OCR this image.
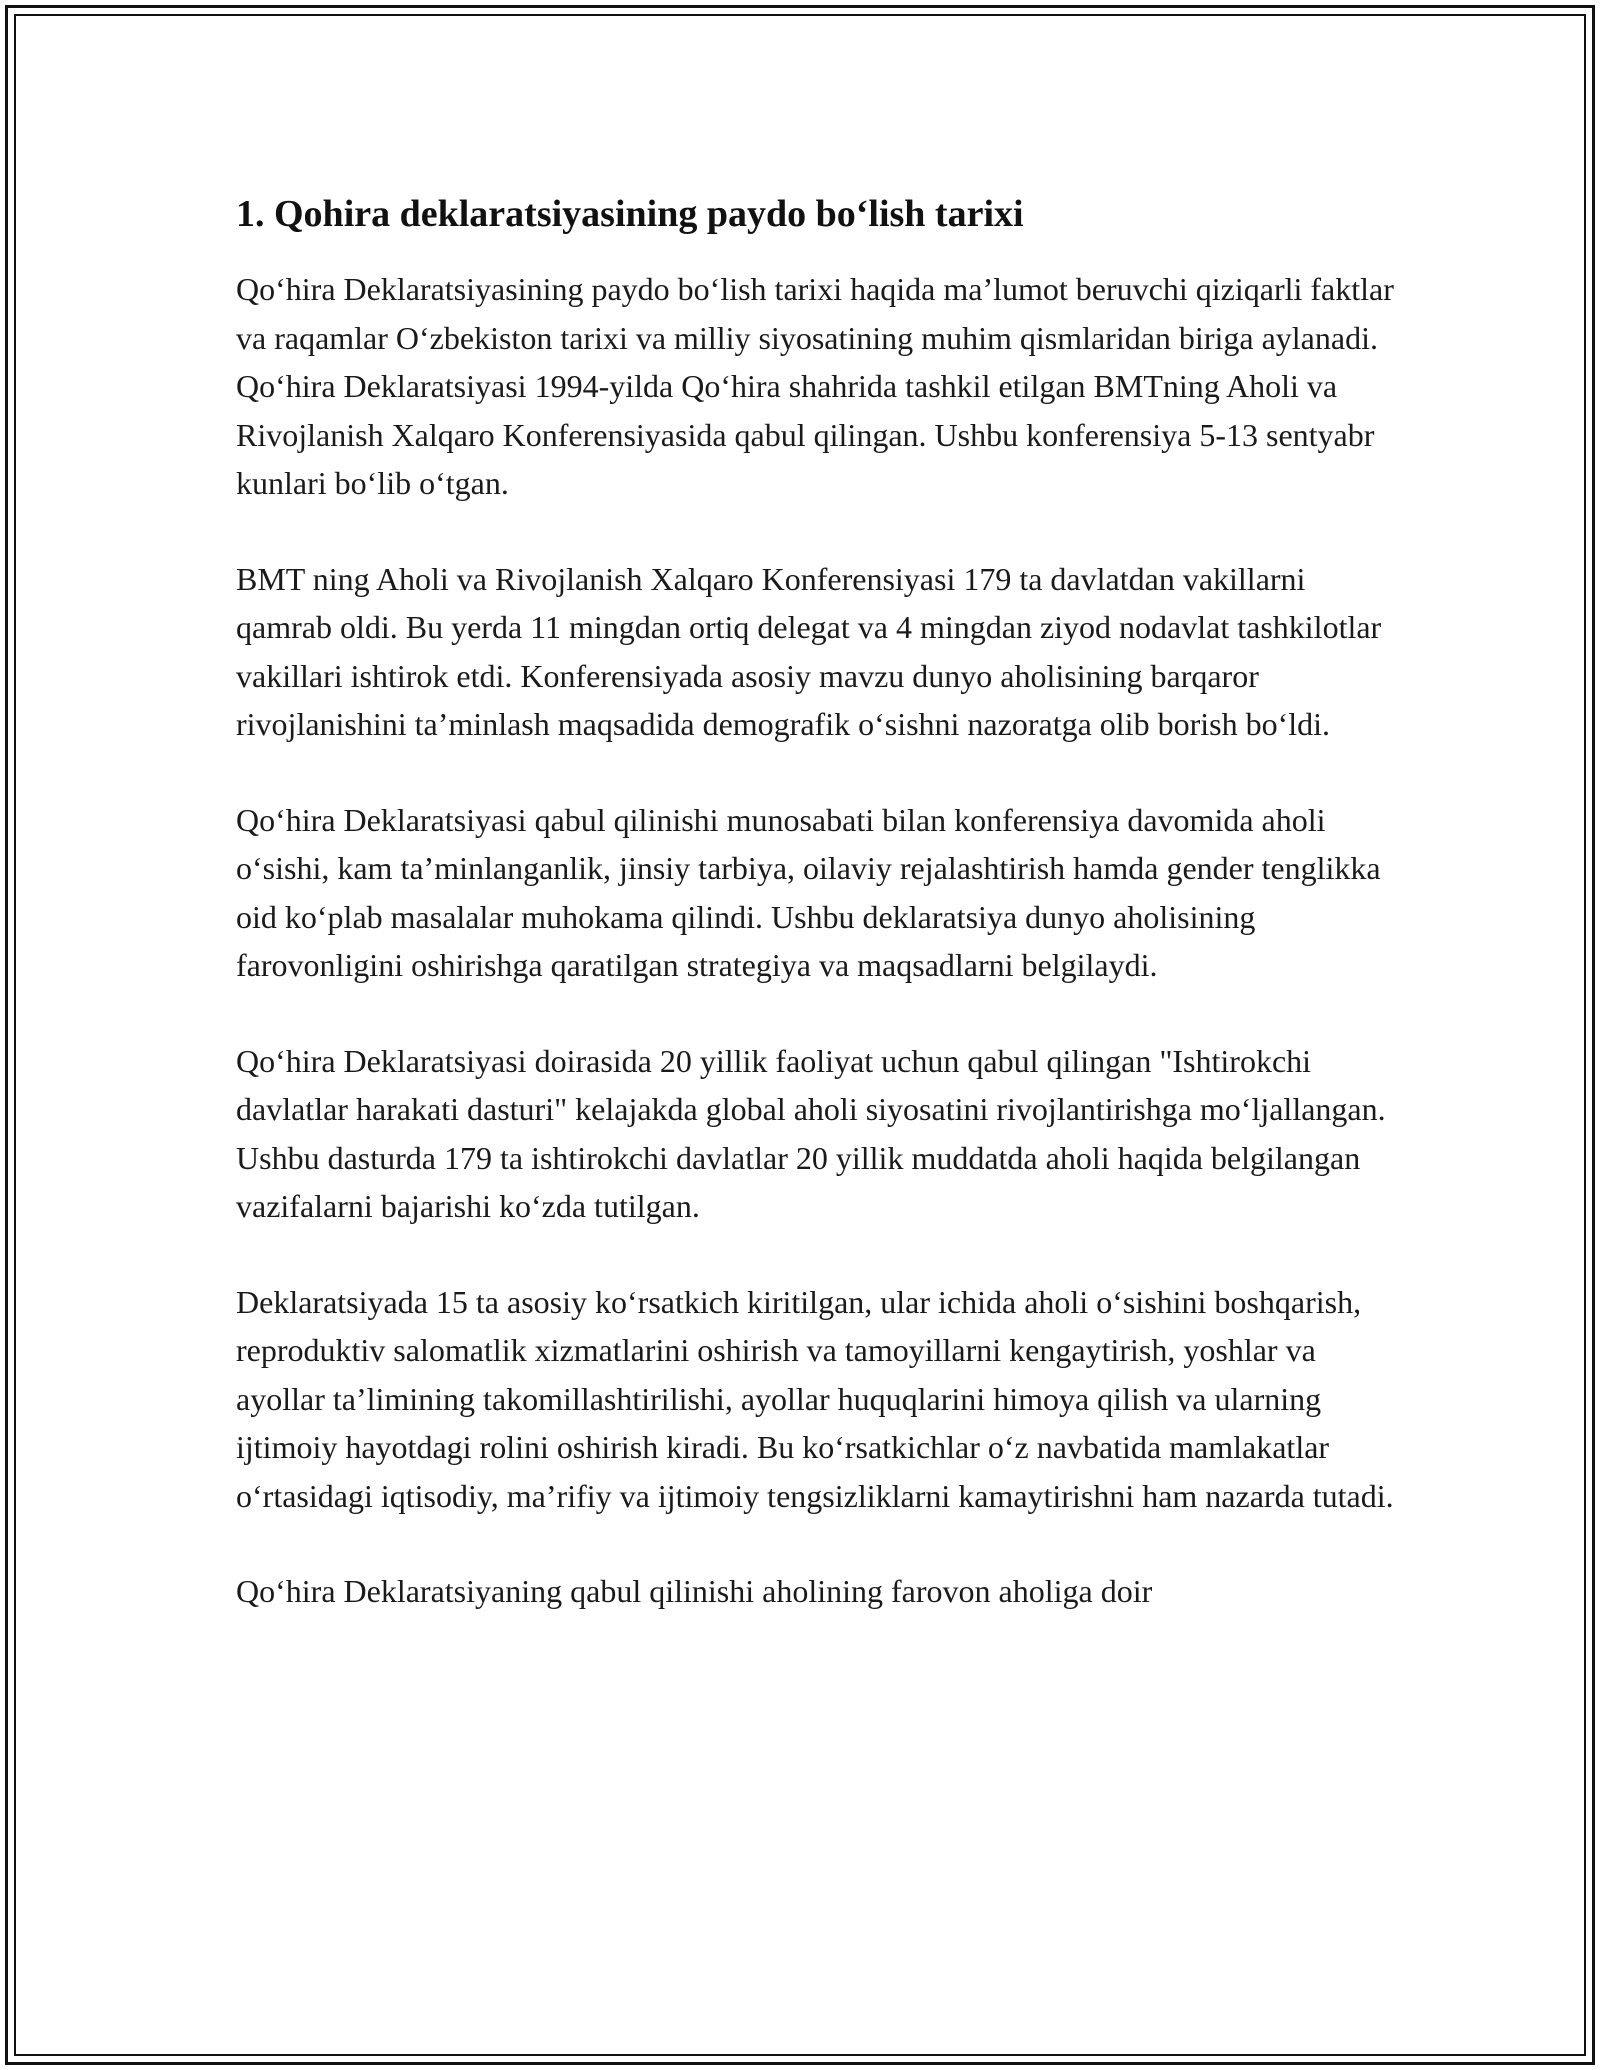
1. Qohira deklaratsiyasining paydo bo‘lish tarixi

Qo‘hira Deklaratsiyasining paydo bo‘lish tarixi haqida ma’lumot beruvchi qiziqarli faktlar va raqamlar O‘zbekiston tarixi va milliy siyosatining muhim qismlaridan biriga aylanadi. Qo‘hira Deklaratsiyasi 1994-yilda Qo‘hira shahrida tashkil etilgan BMTning Aholi va Rivojlanish Xalqaro Konferensiyasida qabul qilingan. Ushbu konferensiya 5-13 sentyabr kunlari bo‘lib o‘tgan.

BMT ning Aholi va Rivojlanish Xalqaro Konferensiyasi 179 ta davlatdan vakillarni qamrab oldi. Bu yerda 11 mingdan ortiq delegat va 4 mingdan ziyod nodavlat tashkilotlar vakillari ishtirok etdi. Konferensiyada asosiy mavzu dunyo aholisining barqaror rivojlanishini ta’minlash maqsadida demografik o‘sishni nazoratga olib borish bo‘ldi.

Qo‘hira Deklaratsiyasi qabul qilinishi munosabati bilan konferensiya davomida aholi o‘sishi, kam ta’minlanganlik, jinsiy tarbiya, oilaviy rejalashtirish hamda gender tenglikka oid ko‘plab masalalar muhokama qilindi. Ushbu deklaratsiya dunyo aholisining farovonligini oshirishga qaratilgan strategiya va maqsadlarni belgilaydi.

Qo‘hira Deklaratsiyasi doirasida 20 yillik faoliyat uchun qabul qilingan "Ishtirokchi davlatlar harakati dasturi" kelajakda global aholi siyosatini rivojlantirishga mo‘ljallangan. Ushbu dasturda 179 ta ishtirokchi davlatlar 20 yillik muddatda aholi haqida belgilangan vazifalarni bajarishi ko‘zda tutilgan.

Deklaratsiyada 15 ta asosiy ko‘rsatkich kiritilgan, ular ichida aholi o‘sishini boshqarish, reproduktiv salomatlik xizmatlarini oshirish va tamoyillarni kengaytirish, yoshlar va ayollar ta’limining takomillashtirilishi, ayollar huquqlarini himoya qilish va ularning ijtimoiy hayotdagi rolini oshirish kiradi. Bu ko‘rsatkichlar o‘z navbatida mamlakatlar o‘rtasidagi iqtisodiy, ma’rifiy va ijtimoiy tengsizliklarni kamaytirishni ham nazarda tutadi.

Qo‘hira Deklaratsiyaning qabul qilinishi aholining farovon aholiga doir
